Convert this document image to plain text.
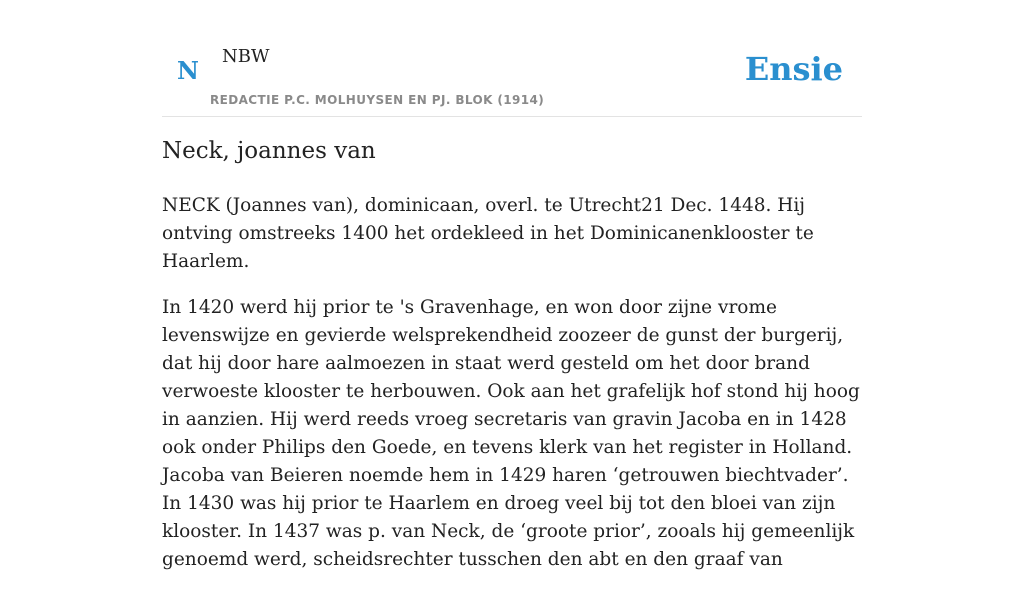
N NBW
REDACTIE P.C. MOLHUYSEN EN PJ. BLOK (1914)
Ensie
Neck, joannes van

NECK (Joannes van), dominicaan, overl. te Utrecht21 Dec. 1448. Hij ontving omstreeks 1400 het ordekleed in het Dominicanenklooster te Haarlem.

In 1420 werd hij prior te 's Gravenhage, en won door zijne vrome levenswijze en gevierde welsprekendheid zoozeer de gunst der burgerij, dat hij door hare aalmoezen in staat werd gesteld om het door brand verwoeste klooster te herbouwen. Ook aan het grafelijk hof stond hij hoog in aanzien. Hij werd reeds vroeg secretaris van gravin Jacoba en in 1428 ook onder Philips den Goede, en tevens klerk van het register in Holland. Jacoba van Beieren noemde hem in 1429 haren ‘getrouwen biechtvader’. In 1430 was hij prior te Haarlem en droeg veel bij tot den bloei van zijn klooster. In 1437 was p. van Neck, de ‘groote prior’, zooals hij gemeenlijk genoemd werd, scheidsrechter tusschen den abt en den graaf van
